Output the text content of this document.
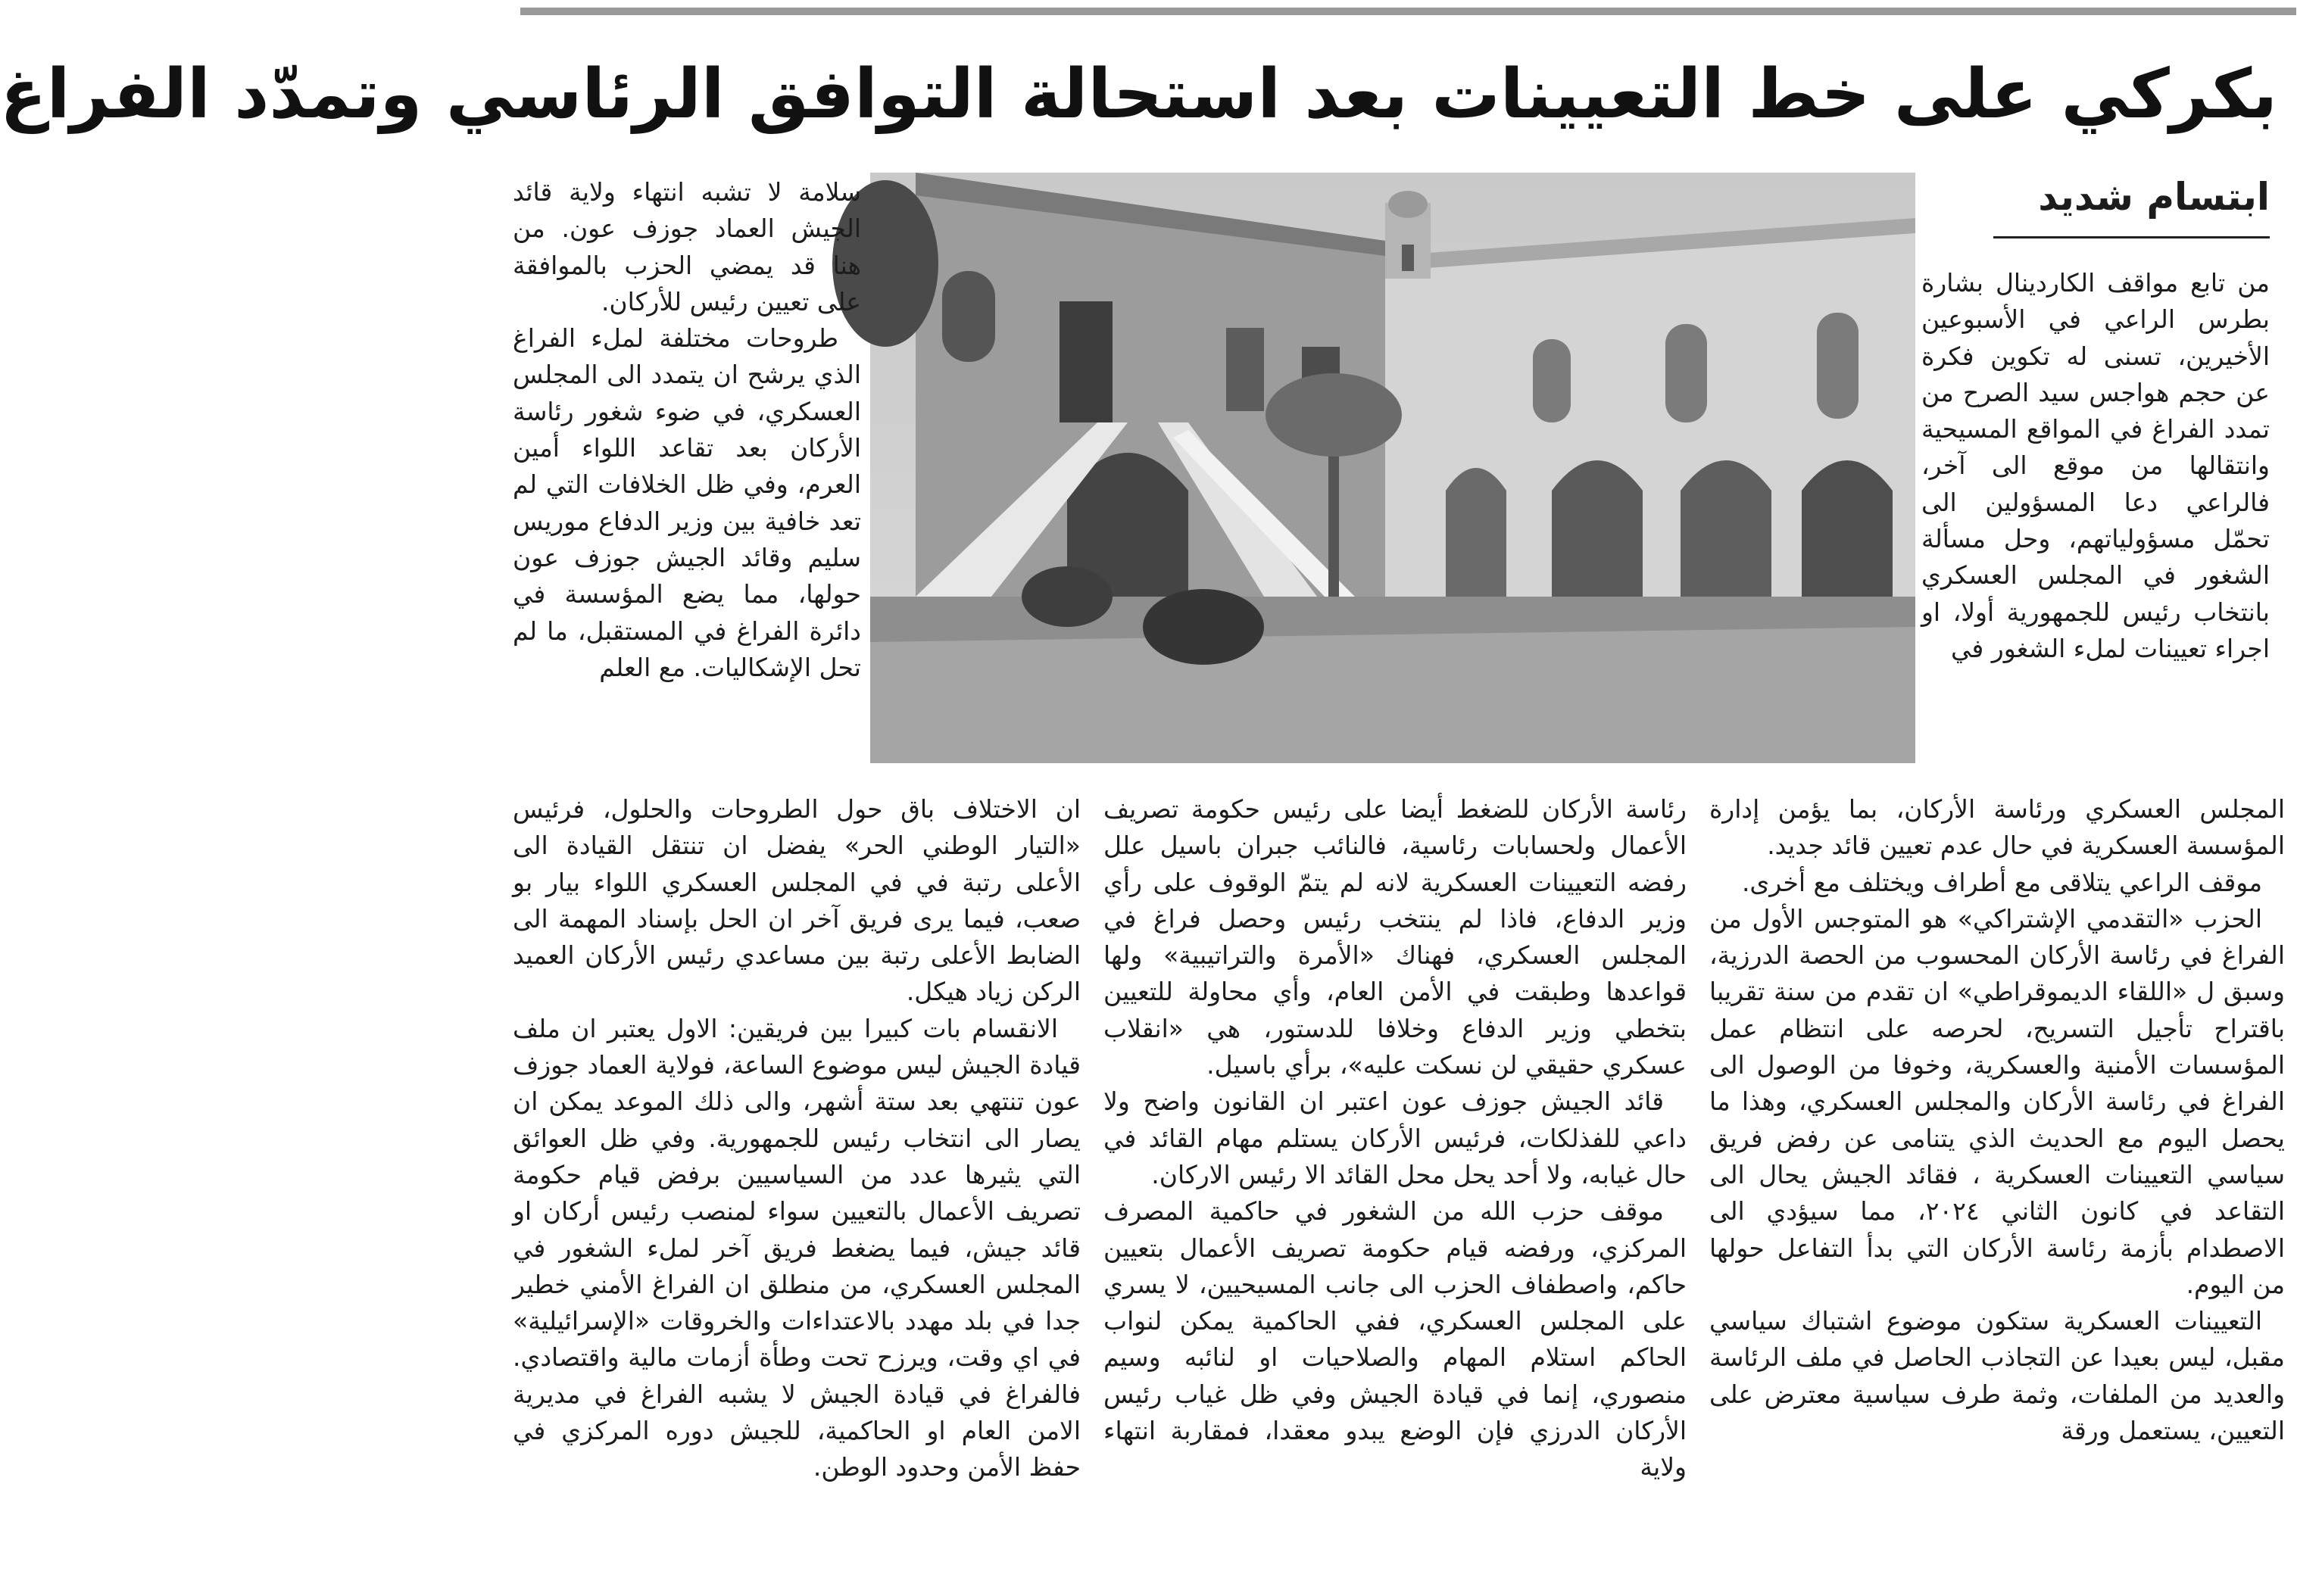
بكركي على خط التعيينات بعد استحالة التوافق الرئاسي وتمدّد الفراغ
ابتسام شديد

من تابع مواقف الكاردينال بشارة بطرس الراعي في الأسبوعين الأخيرين، تسنى له تكوين فكرة عن حجم هواجس سيد الصرح من تمدد الفراغ في المواقع المسيحية وانتقالها من موقع الى آخر، فالراعي دعا المسؤولين الى تحمّل مسؤولياتهم، وحل مسألة الشغور في المجلس العسكري بانتخاب رئيس للجمهورية أولا، او اجراء تعيينات لملء الشغور في

سلامة لا تشبه انتهاء ولاية قائد الجيش العماد جوزف عون. من هنا قد يمضي الحزب بالموافقة على تعيين رئيس للأركان.

طروحات مختلفة لملء الفراغ الذي يرشح ان يتمدد الى المجلس العسكري، في ضوء شغور رئاسة الأركان بعد تقاعد اللواء أمين العرم، وفي ظل الخلافات التي لم تعد خافية بين وزير الدفاع موريس سليم وقائد الجيش جوزف عون حولها، مما يضع المؤسسة في دائرة الفراغ في المستقبل، ما لم تحل الإشكاليات. مع العلم

المجلس العسكري ورئاسة الأركان، بما يؤمن إدارة المؤسسة العسكرية في حال عدم تعيين قائد جديد.

موقف الراعي يتلاقى مع أطراف ويختلف مع أخرى.

الحزب «التقدمي الإشتراكي» هو المتوجس الأول من الفراغ في رئاسة الأركان المحسوب من الحصة الدرزية، وسبق ل «اللقاء الديموقراطي» ان تقدم من سنة تقريبا باقتراح تأجيل التسريح، لحرصه على انتظام عمل المؤسسات الأمنية والعسكرية، وخوفا من الوصول الى الفراغ في رئاسة الأركان والمجلس العسكري، وهذا ما يحصل اليوم مع الحديث الذي يتنامى عن رفض فريق سياسي التعيينات العسكرية ، فقائد الجيش يحال الى التقاعد في كانون الثاني ٢٠٢٤، مما سيؤدي الى الاصطدام بأزمة رئاسة الأركان التي بدأ التفاعل حولها من اليوم.

التعيينات العسكرية ستكون موضوع اشتباك سياسي مقبل، ليس بعيدا عن التجاذب الحاصل في ملف الرئاسة والعديد من الملفات، وثمة طرف سياسية معترض على التعيين، يستعمل ورقة

رئاسة الأركان للضغط أيضا على رئيس حكومة تصريف الأعمال ولحسابات رئاسية، فالنائب جبران باسيل علل رفضه التعيينات العسكرية لانه لم يتمّ الوقوف على رأي وزير الدفاع، فاذا لم ينتخب رئيس وحصل فراغ في المجلس العسكري، فهناك «الأمرة والتراتيبية» ولها قواعدها وطبقت في الأمن العام، وأي محاولة للتعيين بتخطي وزير الدفاع وخلافا للدستور، هي «انقلاب عسكري حقيقي لن نسكت عليه»، برأي باسيل.

قائد الجيش جوزف عون اعتبر ان القانون واضح ولا داعي للفذلكات، فرئيس الأركان يستلم مهام القائد في حال غيابه، ولا أحد يحل محل القائد الا رئيس الاركان.

موقف حزب الله من الشغور في حاكمية المصرف المركزي، ورفضه قيام حكومة تصريف الأعمال بتعيين حاكم، واصطفاف الحزب الى جانب المسيحيين، لا يسري على المجلس العسكري، ففي الحاكمية يمكن لنواب الحاكم استلام المهام والصلاحيات او لنائبه وسيم منصوري، إنما في قيادة الجيش وفي ظل غياب رئيس الأركان الدرزي فإن الوضع يبدو معقدا، فمقاربة انتهاء ولاية

ان الاختلاف باق حول الطروحات والحلول، فرئيس «التيار الوطني الحر» يفضل ان تنتقل القيادة الى الأعلى رتبة في في المجلس العسكري اللواء بيار بو صعب، فيما يرى فريق آخر ان الحل بإسناد المهمة الى الضابط الأعلى رتبة بين مساعدي رئيس الأركان العميد الركن زياد هيكل.

الانقسام بات كبيرا بين فريقين: الاول يعتبر ان ملف قيادة الجيش ليس موضوع الساعة، فولاية العماد جوزف عون تنتهي بعد ستة أشهر، والى ذلك الموعد يمكن ان يصار الى انتخاب رئيس للجمهورية. وفي ظل العوائق التي يثيرها عدد من السياسيين برفض قيام حكومة تصريف الأعمال بالتعيين سواء لمنصب رئيس أركان او قائد جيش، فيما يضغط فريق آخر لملء الشغور في المجلس العسكري، من منطلق ان الفراغ الأمني خطير جدا في بلد مهدد بالاعتداءات والخروقات «الإسرائيلية» في اي وقت، ويرزح تحت وطأة أزمات مالية واقتصادي. فالفراغ في قيادة الجيش لا يشبه الفراغ في مديرية الامن العام او الحاكمية، للجيش دوره المركزي في حفظ الأمن وحدود الوطن.
